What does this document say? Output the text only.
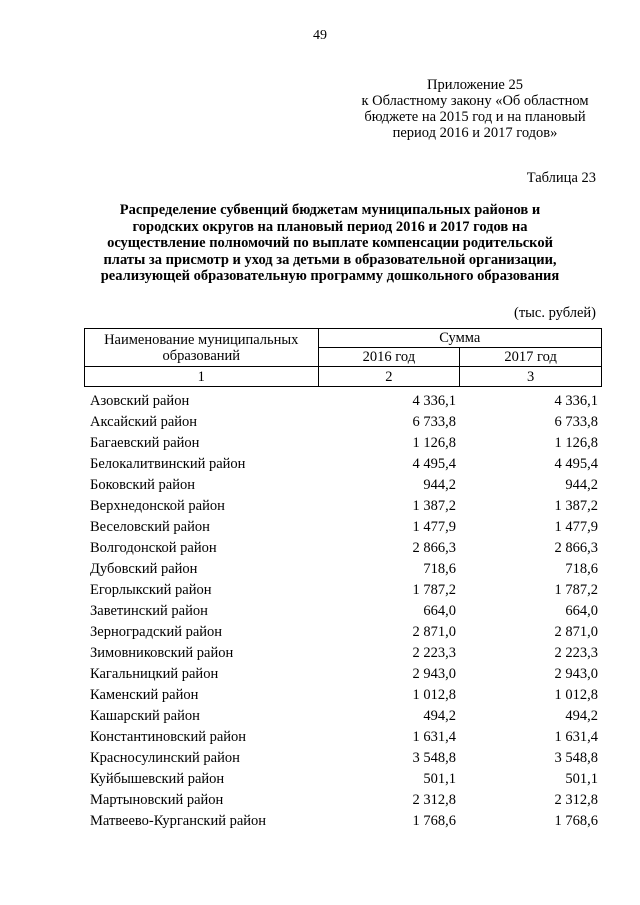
49
Приложение 25
к Областному закону «Об областном
бюджете на 2015 год и на плановый
период 2016 и 2017 годов»
Таблица 23
Распределение субвенций бюджетам муниципальных районов и
городских округов на плановый период 2016 и 2017 годов на
осуществление полномочий по выплате компенсации родительской
платы за присмотр и уход за детьми в образовательной организации,
реализующей образовательную программу дошкольного образования
(тыс. рублей)
Наименование муниципальных
образований	Сумма	
	2016 год	2017 год
1	2	3
Азовский район	4 336,1	4 336,1
Аксайский район	6 733,8	6 733,8
Багаевский район	1 126,8	1 126,8
Белокалитвинский район	4 495,4	4 495,4
Боковский район	944,2	944,2
Верхнедонской район	1 387,2	1 387,2
Веселовский район	1 477,9	1 477,9
Волгодонской район	2 866,3	2 866,3
Дубовский район	718,6	718,6
Егорлыкский район	1 787,2	1 787,2
Заветинский район	664,0	664,0
Зерноградский район	2 871,0	2 871,0
Зимовниковский район	2 223,3	2 223,3
Кагальницкий район	2 943,0	2 943,0
Каменский район	1 012,8	1 012,8
Кашарский район	494,2	494,2
Константиновский район	1 631,4	1 631,4
Красносулинский район	3 548,8	3 548,8
Куйбышевский район	501,1	501,1
Мартыновский район	2 312,8	2 312,8
Матвеево-Курганский район	1 768,6	1 768,6
